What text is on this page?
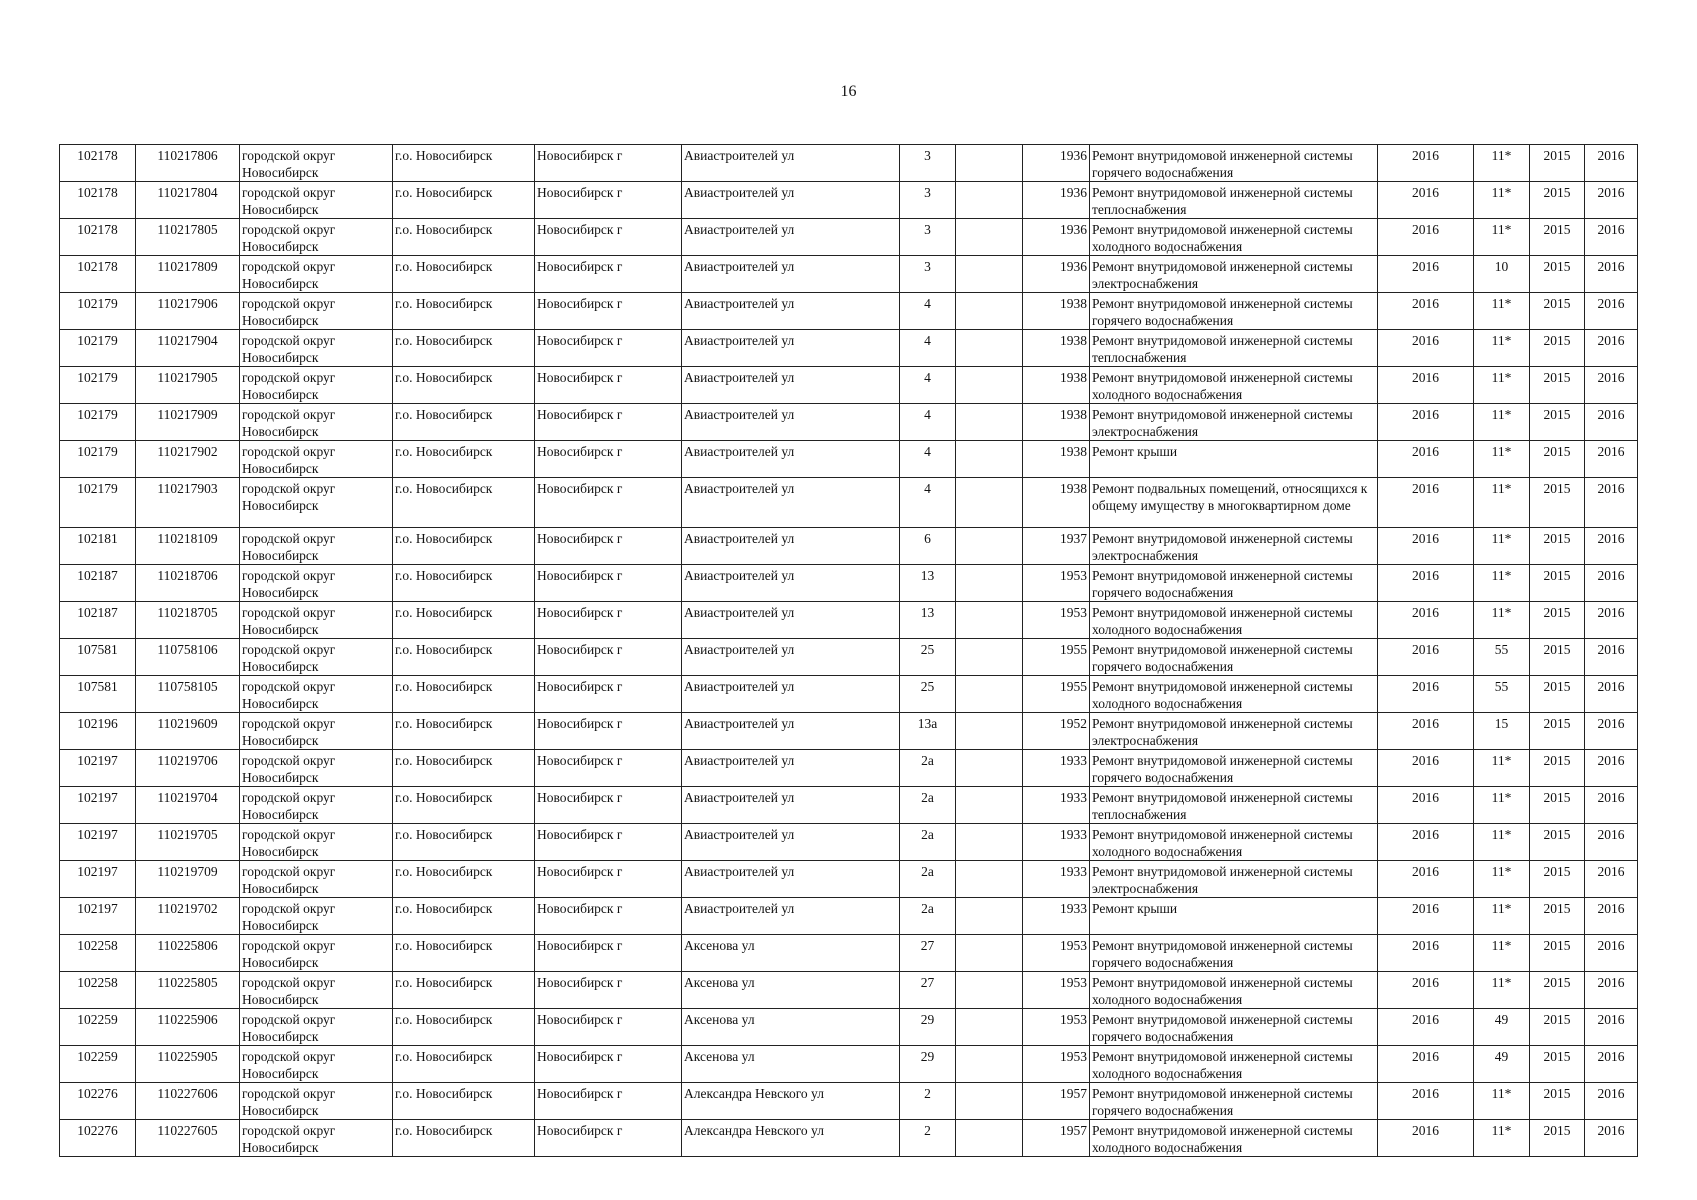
16
102178	110217806	городской округ Новосибирск	г.о. Новосибирск	Новосибирск г	Авиастроителей ул	3		1936	Ремонт внутридомовой инженерной системы горячего водоснабжения	2016	11*	2015	2016
102178	110217804	городской округ Новосибирск	г.о. Новосибирск	Новосибирск г	Авиастроителей ул	3		1936	Ремонт внутридомовой инженерной системы теплоснабжения	2016	11*	2015	2016
102178	110217805	городской округ Новосибирск	г.о. Новосибирск	Новосибирск г	Авиастроителей ул	3		1936	Ремонт внутридомовой инженерной системы холодного водоснабжения	2016	11*	2015	2016
102178	110217809	городской округ Новосибирск	г.о. Новосибирск	Новосибирск г	Авиастроителей ул	3		1936	Ремонт внутридомовой инженерной системы электроснабжения	2016	10	2015	2016
102179	110217906	городской округ Новосибирск	г.о. Новосибирск	Новосибирск г	Авиастроителей ул	4		1938	Ремонт внутридомовой инженерной системы горячего водоснабжения	2016	11*	2015	2016
102179	110217904	городской округ Новосибирск	г.о. Новосибирск	Новосибирск г	Авиастроителей ул	4		1938	Ремонт внутридомовой инженерной системы теплоснабжения	2016	11*	2015	2016
102179	110217905	городской округ Новосибирск	г.о. Новосибирск	Новосибирск г	Авиастроителей ул	4		1938	Ремонт внутридомовой инженерной системы холодного водоснабжения	2016	11*	2015	2016
102179	110217909	городской округ Новосибирск	г.о. Новосибирск	Новосибирск г	Авиастроителей ул	4		1938	Ремонт внутридомовой инженерной системы электроснабжения	2016	11*	2015	2016
102179	110217902	городской округ Новосибирск	г.о. Новосибирск	Новосибирск г	Авиастроителей ул	4		1938	Ремонт крыши	2016	11*	2015	2016
102179	110217903	городской округ Новосибирск	г.о. Новосибирск	Новосибирск г	Авиастроителей ул	4		1938	Ремонт подвальных помещений, относящихся к общему имуществу в многоквартирном доме	2016	11*	2015	2016
102181	110218109	городской округ Новосибирск	г.о. Новосибирск	Новосибирск г	Авиастроителей ул	6		1937	Ремонт внутридомовой инженерной системы электроснабжения	2016	11*	2015	2016
102187	110218706	городской округ Новосибирск	г.о. Новосибирск	Новосибирск г	Авиастроителей ул	13		1953	Ремонт внутридомовой инженерной системы горячего водоснабжения	2016	11*	2015	2016
102187	110218705	городской округ Новосибирск	г.о. Новосибирск	Новосибирск г	Авиастроителей ул	13		1953	Ремонт внутридомовой инженерной системы холодного водоснабжения	2016	11*	2015	2016
107581	110758106	городской округ Новосибирск	г.о. Новосибирск	Новосибирск г	Авиастроителей ул	25		1955	Ремонт внутридомовой инженерной системы горячего водоснабжения	2016	55	2015	2016
107581	110758105	городской округ Новосибирск	г.о. Новосибирск	Новосибирск г	Авиастроителей ул	25		1955	Ремонт внутридомовой инженерной системы холодного водоснабжения	2016	55	2015	2016
102196	110219609	городской округ Новосибирск	г.о. Новосибирск	Новосибирск г	Авиастроителей ул	13а		1952	Ремонт внутридомовой инженерной системы электроснабжения	2016	15	2015	2016
102197	110219706	городской округ Новосибирск	г.о. Новосибирск	Новосибирск г	Авиастроителей ул	2а		1933	Ремонт внутридомовой инженерной системы горячего водоснабжения	2016	11*	2015	2016
102197	110219704	городской округ Новосибирск	г.о. Новосибирск	Новосибирск г	Авиастроителей ул	2а		1933	Ремонт внутридомовой инженерной системы теплоснабжения	2016	11*	2015	2016
102197	110219705	городской округ Новосибирск	г.о. Новосибирск	Новосибирск г	Авиастроителей ул	2а		1933	Ремонт внутридомовой инженерной системы холодного водоснабжения	2016	11*	2015	2016
102197	110219709	городской округ Новосибирск	г.о. Новосибирск	Новосибирск г	Авиастроителей ул	2а		1933	Ремонт внутридомовой инженерной системы электроснабжения	2016	11*	2015	2016
102197	110219702	городской округ Новосибирск	г.о. Новосибирск	Новосибирск г	Авиастроителей ул	2а		1933	Ремонт крыши	2016	11*	2015	2016
102258	110225806	городской округ Новосибирск	г.о. Новосибирск	Новосибирск г	Аксенова ул	27		1953	Ремонт внутридомовой инженерной системы горячего водоснабжения	2016	11*	2015	2016
102258	110225805	городской округ Новосибирск	г.о. Новосибирск	Новосибирск г	Аксенова ул	27		1953	Ремонт внутридомовой инженерной системы холодного водоснабжения	2016	11*	2015	2016
102259	110225906	городской округ Новосибирск	г.о. Новосибирск	Новосибирск г	Аксенова ул	29		1953	Ремонт внутридомовой инженерной системы горячего водоснабжения	2016	49	2015	2016
102259	110225905	городской округ Новосибирск	г.о. Новосибирск	Новосибирск г	Аксенова ул	29		1953	Ремонт внутридомовой инженерной системы холодного водоснабжения	2016	49	2015	2016
102276	110227606	городской округ Новосибирск	г.о. Новосибирск	Новосибирск г	Александра Невского ул	2		1957	Ремонт внутридомовой инженерной системы горячего водоснабжения	2016	11*	2015	2016
102276	110227605	городской округ Новосибирск	г.о. Новосибирск	Новосибирск г	Александра Невского ул	2		1957	Ремонт внутридомовой инженерной системы холодного водоснабжения	2016	11*	2015	2016
